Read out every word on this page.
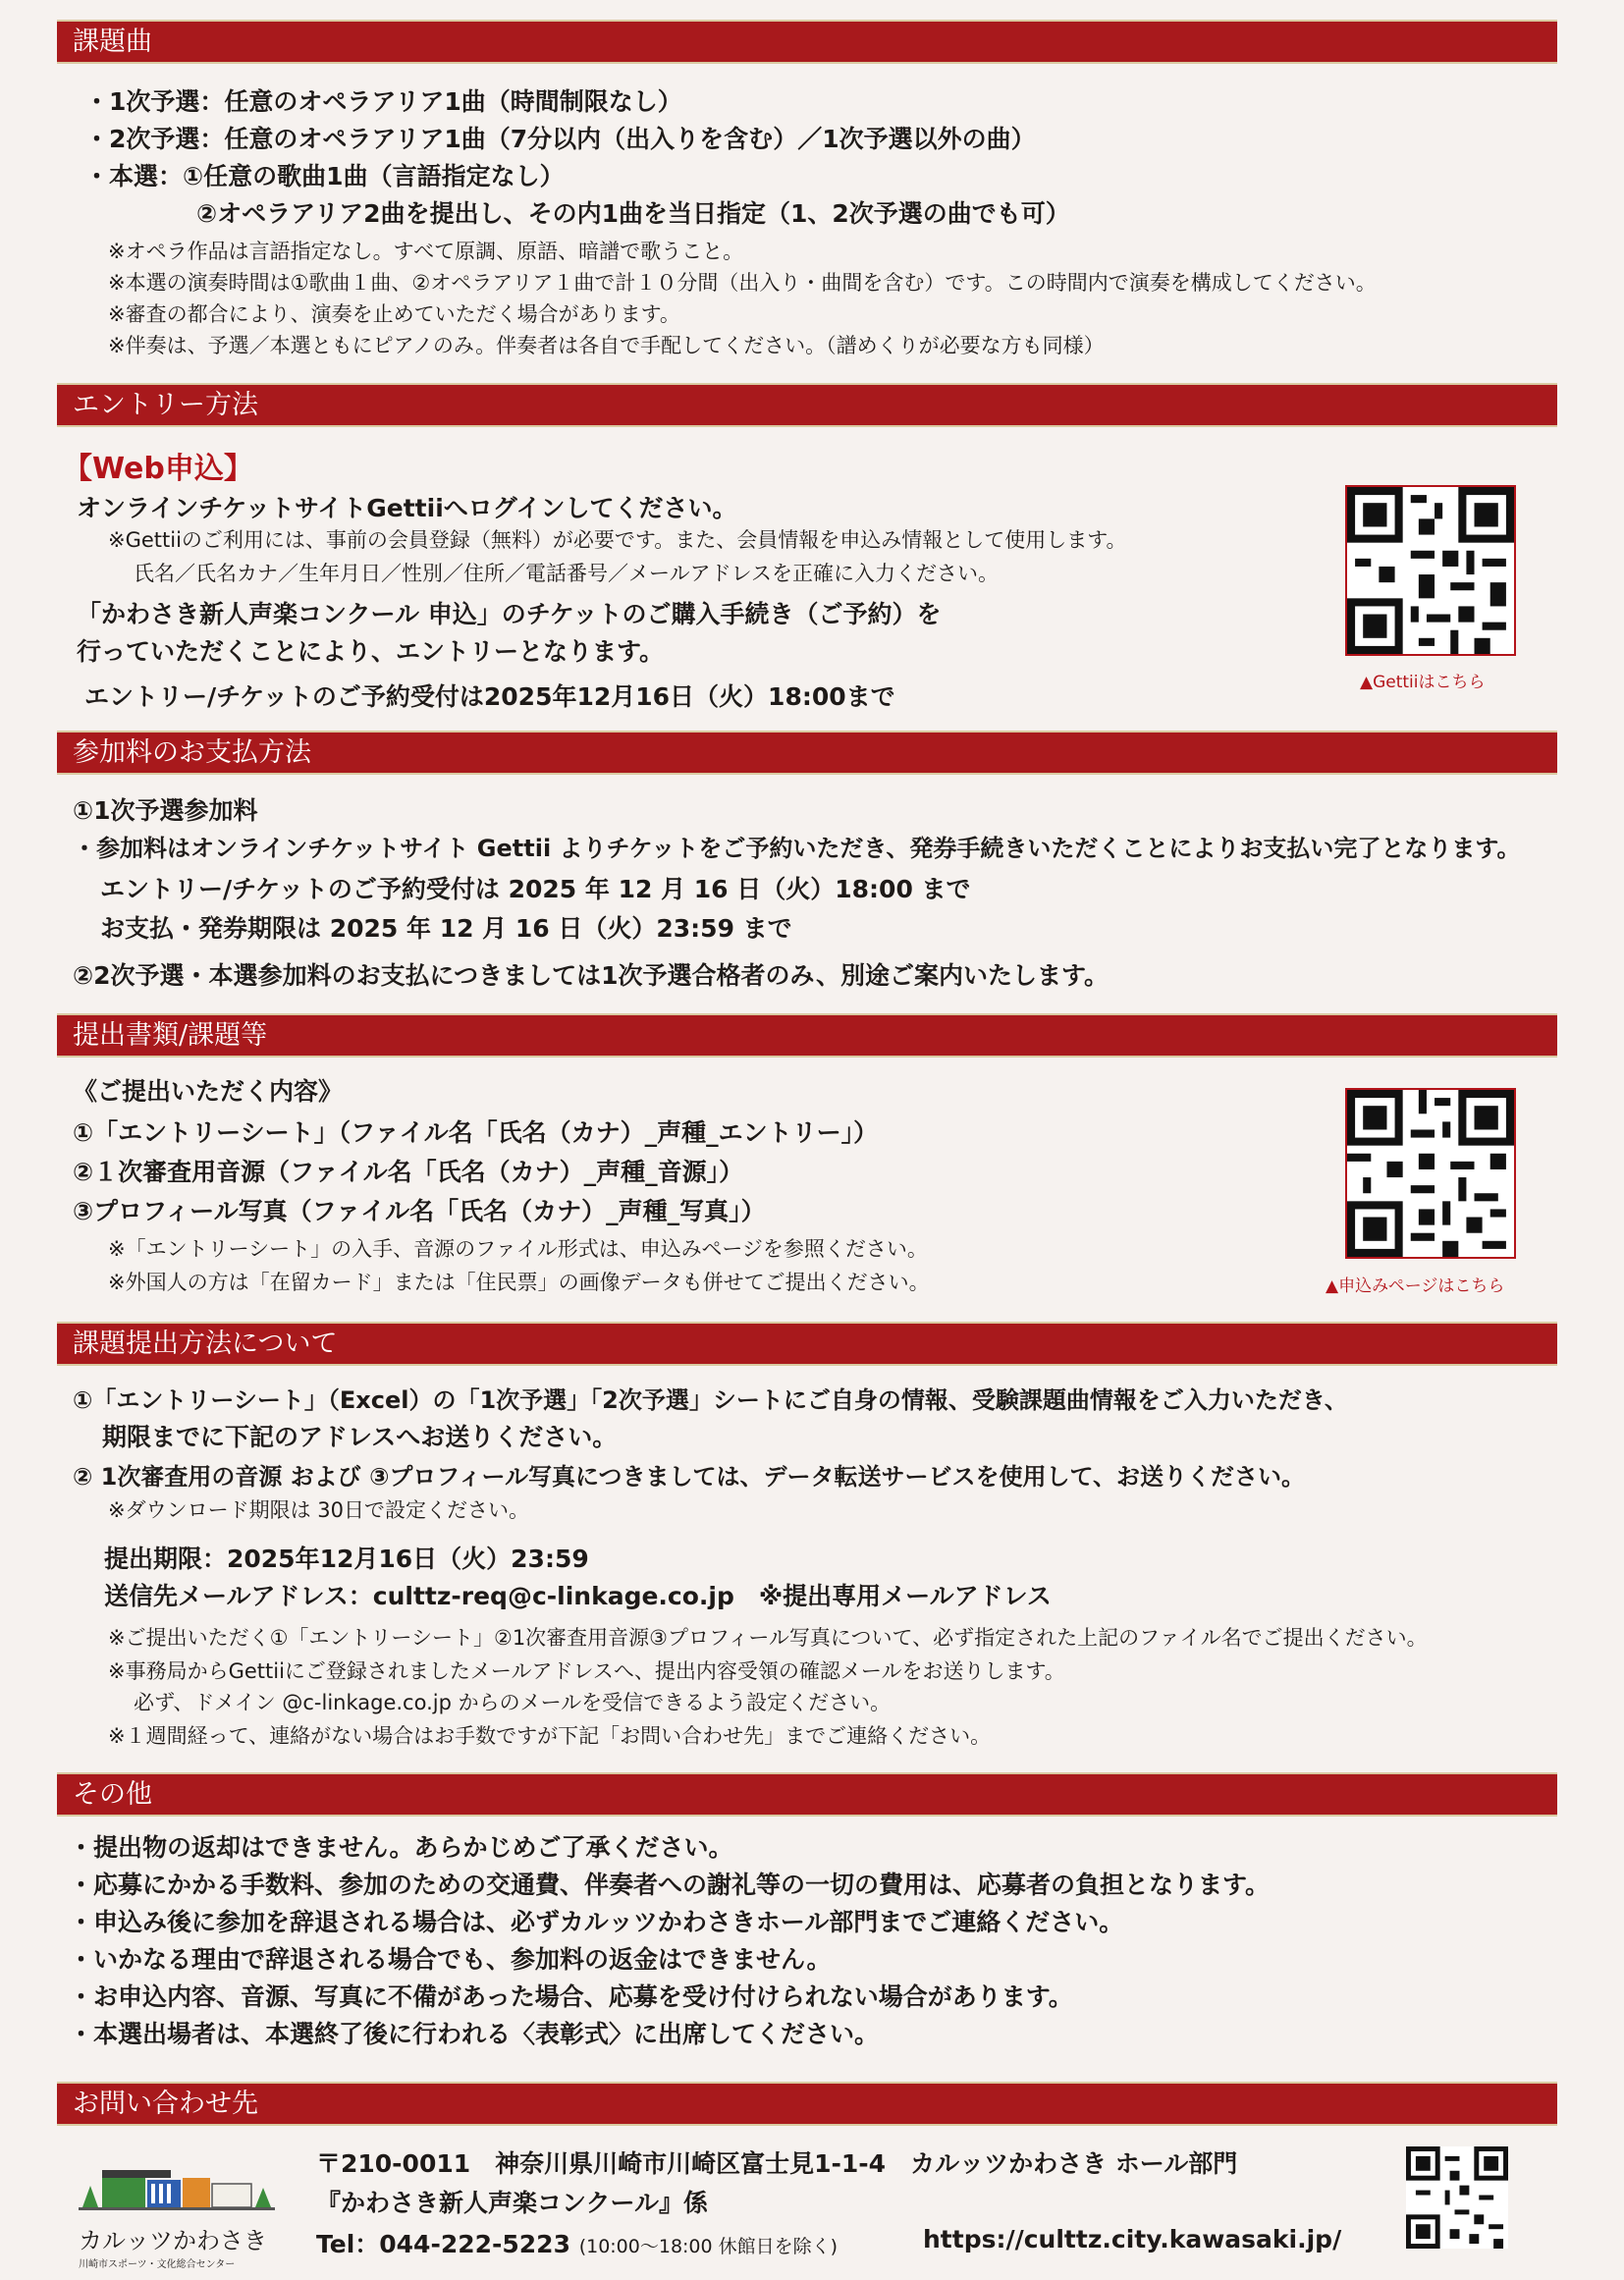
課題曲
・1次予選：任意のオペラアリア1曲（時間制限なし）
・2次予選：任意のオペラアリア1曲（7分以内（出入りを含む）／1次予選以外の曲）
・本選：①任意の歌曲1曲（言語指定なし）
②オペラアリア2曲を提出し、その内1曲を当日指定（1、2次予選の曲でも可）
※オペラ作品は言語指定なし。すべて原調、原語、暗譜で歌うこと。
※本選の演奏時間は①歌曲１曲、②オペラアリア１曲で計１０分間（出入り・曲間を含む）です。この時間内で演奏を構成してください。
※審査の都合により、演奏を止めていただく場合があります。
※伴奏は、予選／本選ともにピアノのみ。伴奏者は各自で手配してください。（譜めくりが必要な方も同様）
エントリー方法
【Web申込】
オンラインチケットサイトGettiiへログインしてください。
※Gettiiのご利用には、事前の会員登録（無料）が必要です。また、会員情報を申込み情報として使用します。
氏名／氏名カナ／生年月日／性別／住所／電話番号／メールアドレスを正確に入力ください。
「かわさき新人声楽コンクール 申込」のチケットのご購入手続き（ご予約）を
行っていただくことにより、エントリーとなります。
エントリー/チケットのご予約受付は2025年12月16日（火）18:00まで	▲Gettiiはこちら
参加料のお支払方法
①1次予選参加料
・参加料はオンラインチケットサイト Gettii よりチケットをご予約いただき、発券手続きいただくことによりお支払い完了となります。
エントリー/チケットのご予約受付は 2025 年 12 月 16 日（火）18:00 まで
お支払・発券期限は 2025 年 12 月 16 日（火）23:59 まで
②2次予選・本選参加料のお支払につきましては1次予選合格者のみ、別途ご案内いたします。
提出書類/課題等
《ご提出いただく内容》
①「エントリーシート」（ファイル名「氏名（カナ）_声種_エントリー」）
②１次審査用音源（ファイル名「氏名（カナ）_声種_音源」）
③プロフィール写真（ファイル名「氏名（カナ）_声種_写真」）
※「エントリーシート」の入手、音源のファイル形式は、申込みページを参照ください。
※外国人の方は「在留カード」または「住民票」の画像データも併せてご提出ください。	▲申込みページはこちら
課題提出方法について
①「エントリーシート」（Excel）の「1次予選」「2次予選」シートにご自身の情報、受験課題曲情報をご入力いただき、
期限までに下記のアドレスへお送りください。
② 1次審査用の音源 および ③プロフィール写真につきましては、データ転送サービスを使用して、お送りください。
※ダウンロード期限は 30日で設定ください。
提出期限：2025年12月16日（火）23:59
送信先メールアドレス：culttz-req@c-linkage.co.jp　※提出専用メールアドレス
※ご提出いただく①「エントリーシート」②1次審査用音源③プロフィール写真について、必ず指定された上記のファイル名でご提出ください。
※事務局からGettiiにご登録されましたメールアドレスへ、提出内容受領の確認メールをお送りします。
必ず、ドメイン @c-linkage.co.jp からのメールを受信できるよう設定ください。
※１週間経って、連絡がない場合はお手数ですが下記「お問い合わせ先」までご連絡ください。
その他
・提出物の返却はできません。あらかじめご了承ください。
・応募にかかる手数料、参加のための交通費、伴奏者への謝礼等の一切の費用は、応募者の負担となります。
・申込み後に参加を辞退される場合は、必ずカルッツかわさきホール部門までご連絡ください。
・いかなる理由で辞退される場合でも、参加料の返金はできません。
・お申込内容、音源、写真に不備があった場合、応募を受け付けられない場合があります。
・本選出場者は、本選終了後に行われる〈表彰式〉に出席してください。
お問い合わせ先
カルッツかわさき
川崎市スポーツ・文化総合センター
〒210-0011　神奈川県川崎市川崎区富士見1-1-4　カルッツかわさき ホール部門
『かわさき新人声楽コンクール』係
Tel：044-222-5223 (10:00〜18:00 休館日を除く)	https://culttz.city.kawasaki.jp/
